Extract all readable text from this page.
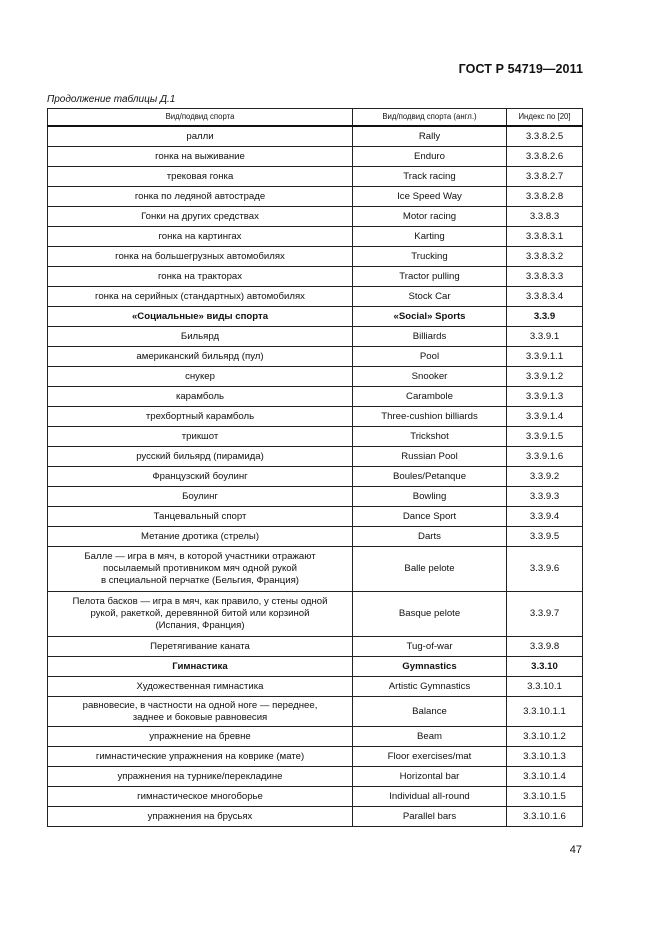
ГОСТ Р 54719—2011
Продолжение таблицы Д.1
Вид/подвид спорта	Вид/подвид спорта (англ.)	Индекс по [20]
ралли	Rally	3.3.8.2.5
гонка на выживание	Enduro	3.3.8.2.6
трековая гонка	Track racing	3.3.8.2.7
гонка по ледяной автостраде	Ice Speed Way	3.3.8.2.8
Гонки на других средствах	Motor racing	3.3.8.3
гонка на картингах	Karting	3.3.8.3.1
гонка на большегрузных автомобилях	Trucking	3.3.8.3.2
гонка на тракторах	Tractor pulling	3.3.8.3.3
гонка на серийных (стандартных) автомобилях	Stock Car	3.3.8.3.4
«Социальные» виды спорта	«Social» Sports	3.3.9
Бильярд	Billiards	3.3.9.1
американский бильярд (пул)	Pool	3.3.9.1.1
снукер	Snooker	3.3.9.1.2
карамболь	Carambole	3.3.9.1.3
трехбортный карамболь	Three-cushion billiards	3.3.9.1.4
трикшот	Trickshot	3.3.9.1.5
русский бильярд (пирамида)	Russian Pool	3.3.9.1.6
Французский боулинг	Boules/Petanque	3.3.9.2
Боулинг	Bowling	3.3.9.3
Танцевальный спорт	Dance Sport	3.3.9.4
Метание дротика (стрелы)	Darts	3.3.9.5
Балле — игра в мяч, в которой участники отражают
посылаемый противником мяч одной рукой
в специальной перчатке (Бельгия, Франция)	Balle pelote	3.3.9.6
Пелота басков — игра в мяч, как правило, у стены одной
рукой, ракеткой, деревянной битой или корзиной
(Испания, Франция)	Basque pelote	3.3.9.7
Перетягивание каната	Tug-of-war	3.3.9.8
Гимнастика	Gymnastics	3.3.10
Художественная гимнастика	Artistic Gymnastics	3.3.10.1
равновесие, в частности на одной ноге — переднее,
заднее и боковые равновесия	Balance	3.3.10.1.1
упражнение на бревне	Beam	3.3.10.1.2
гимнастические упражнения на коврике (мате)	Floor exercises/mat	3.3.10.1.3
упражнения на турнике/перекладине	Horizontal bar	3.3.10.1.4
гимнастическое многоборье	Individual all-round	3.3.10.1.5
упражнения на брусьях	Parallel bars	3.3.10.1.6
47
